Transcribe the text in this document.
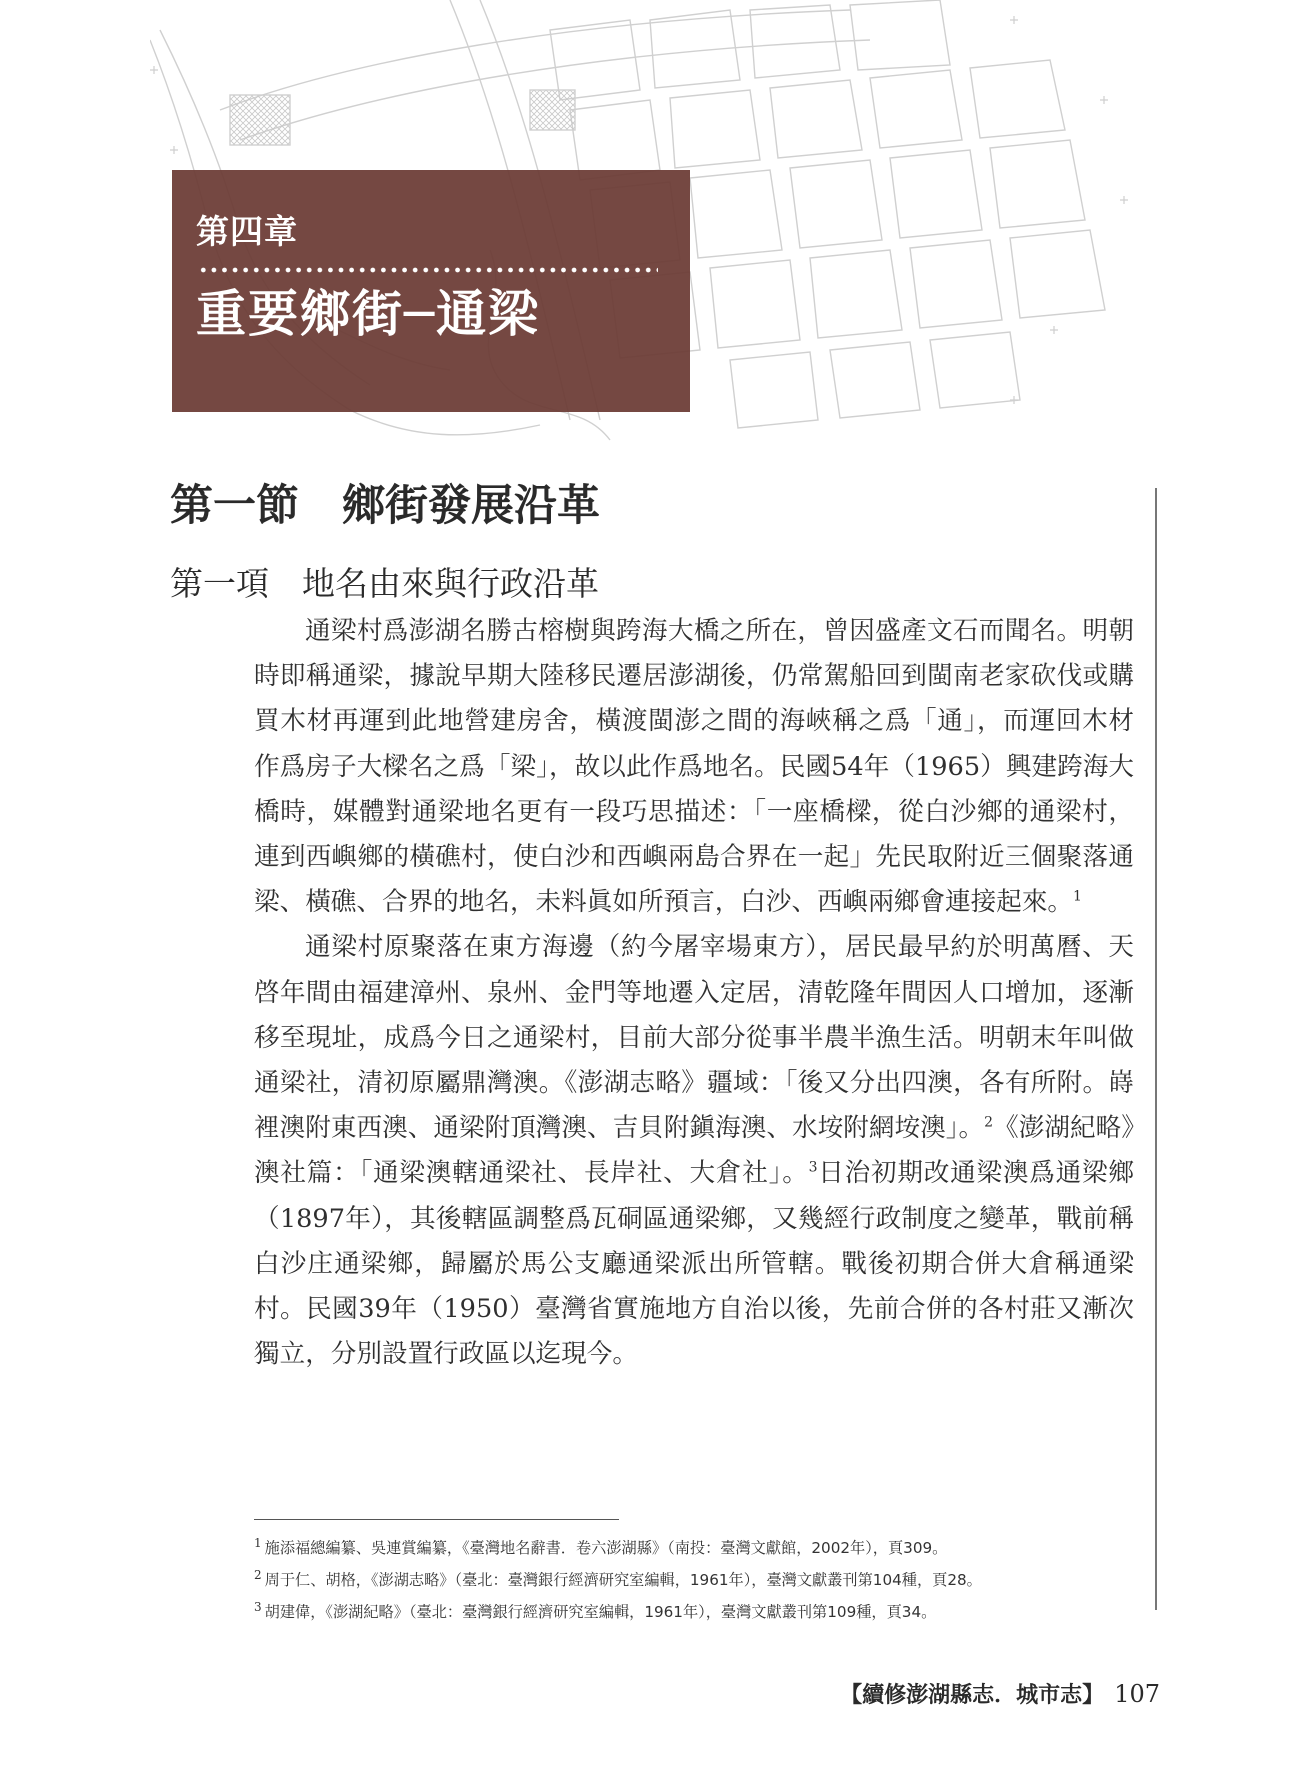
第四章
重要鄉街─通梁
第一節　鄉街發展沿革
第一項　地名由來與行政沿革

通梁村爲澎湖名勝古榕樹與跨海大橋之所在，曾因盛產文石而聞名。明朝時即稱通梁，據說早期大陸移民遷居澎湖後，仍常駕船回到閩南老家砍伐或購買木材再運到此地營建房舍，橫渡閩澎之間的海峽稱之爲「通」，而運回木材作爲房子大樑名之爲「梁」，故以此作爲地名。民國54年（1965）興建跨海大橋時，媒體對通梁地名更有一段巧思描述：「一座橋樑，從白沙鄉的通梁村，連到西嶼鄉的橫礁村，使白沙和西嶼兩島合界在一起」先民取附近三個聚落通梁、橫礁、合界的地名，未料眞如所預言，白沙、西嶼兩鄉會連接起來。$^1$

通梁村原聚落在東方海邊（約今屠宰場東方），居民最早約於明萬曆、天啓年間由福建漳州、泉州、金門等地遷入定居，清乾隆年間因人口增加，逐漸移至現址，成爲今日之通梁村，目前大部分從事半農半漁生活。明朝末年叫做通梁社，清初原屬鼎灣澳。《澎湖志略》疆域：「後又分出四澳，各有所附。嵵裡澳附東西澳、通梁附頂灣澳、吉貝附鎭海澳、水垵附網垵澳」。$^2$《澎湖紀略》澳社篇：「通梁澳轄通梁社、長岸社、大倉社」。$^3$日治初期改通梁澳爲通梁鄉（1897年），其後轄區調整爲瓦硐區通梁鄉，又幾經行政制度之變革，戰前稱白沙庄通梁鄉，歸屬於馬公支廳通梁派出所管轄。戰後初期合併大倉稱通梁村。民國39年（1950）臺灣省實施地方自治以後，先前合併的各村莊又漸次獨立，分別設置行政區以迄現今。

$^1$ 施添福總編纂、吳連賞編纂，《臺灣地名辭書．卷六澎湖縣》（南投：臺灣文獻館，2002年），頁309。
$^2$ 周于仁、胡格，《澎湖志略》（臺北：臺灣銀行經濟研究室編輯，1961年），臺灣文獻叢刊第104種，頁28。
$^3$ 胡建偉，《澎湖紀略》（臺北：臺灣銀行經濟研究室編輯，1961年），臺灣文獻叢刊第109種，頁34。
【續修澎湖縣志．城市志】 107
